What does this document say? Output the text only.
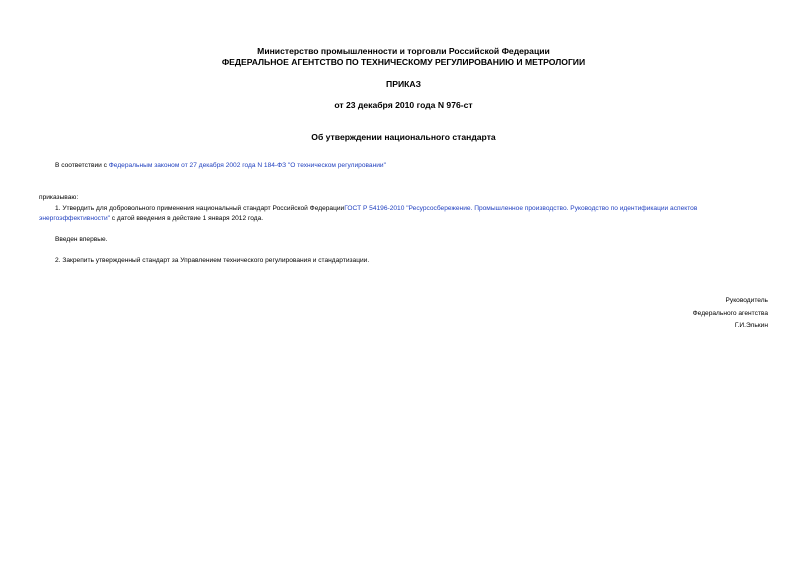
Министерство промышленности и торговли Российской Федерации
ФЕДЕРАЛЬНОЕ АГЕНТСТВО ПО ТЕХНИЧЕСКОМУ РЕГУЛИРОВАНИЮ И МЕТРОЛОГИИ
ПРИКАЗ
от 23 декабря 2010 года N 976-ст
Об утверждении национального стандарта
В соответствии с Федеральным законом от 27 декабря 2002 года N 184-ФЗ "О техническом регулировании"
приказываю:
1. Утвердить для добровольного применения национальный стандарт Российской ФедерацииГОСТ Р 54196-2010 "Ресурсосбережение. Промышленное производство. Руководство по идентификации аспектов
энергоэффективности" с датой введения в действие 1 января 2012 года.
Введен впервые.
2. Закрепить утвержденный стандарт за Управлением технического регулирования и стандартизации.
Руководитель
Федерального агентства
Г.И.Элькин
